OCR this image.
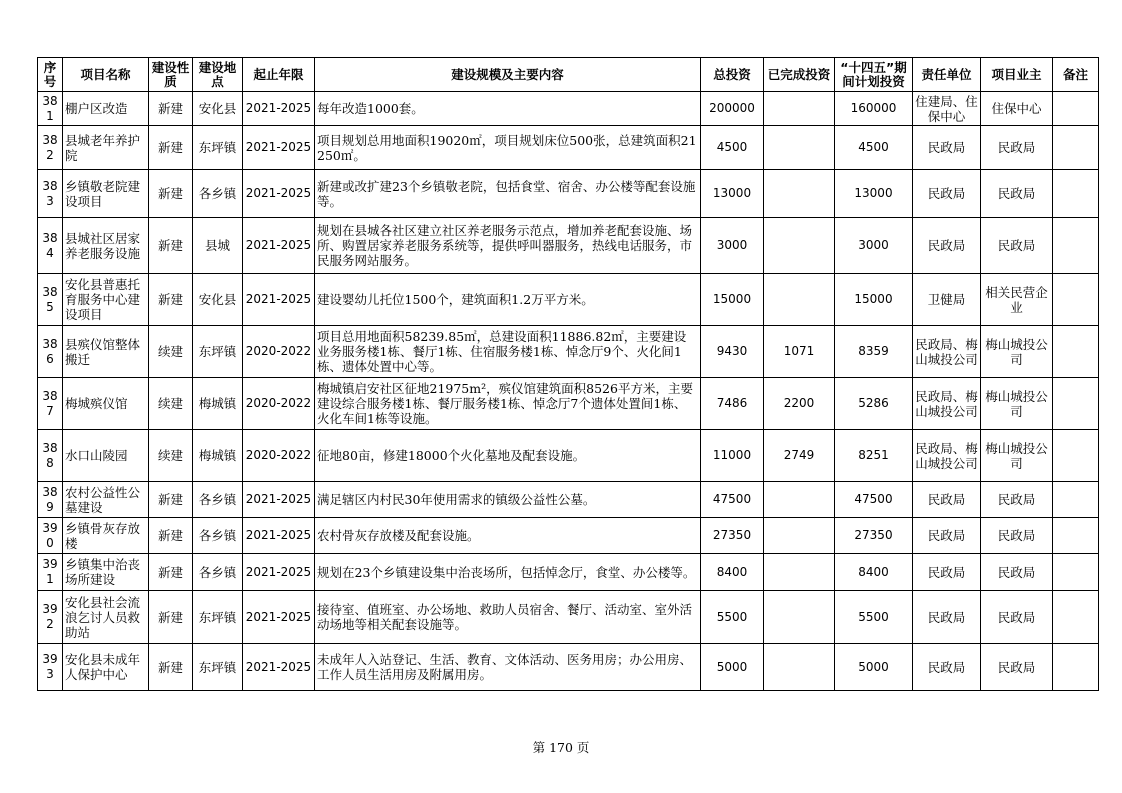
序号	项目名称	建设性质	建设地点	起止年限	建设规模及主要内容	总投资	已完成投资	“十四五”期间计划投资	责任单位	项目业主	备注
381	棚户区改造	新建	安化县	2021-2025	每年改造1000套。	200000		160000	住建局、住保中心	住保中心	
382	县城老年养护院	新建	东坪镇	2021-2025	项目规划总用地面积19020㎡，项目规划床位500张，总建筑面积21250㎡。	4500		4500	民政局	民政局	
383	乡镇敬老院建设项目	新建	各乡镇	2021-2025	新建或改扩建23个乡镇敬老院，包括食堂、宿舍、办公楼等配套设施等。	13000		13000	民政局	民政局	
384	县城社区居家养老服务设施	新建	县城	2021-2025	规划在县城各社区建立社区养老服务示范点，增加养老配套设施、场所、购置居家养老服务系统等，提供呼叫器服务，热线电话服务，市民服务网站服务。	3000		3000	民政局	民政局	
385	安化县普惠托育服务中心建设项目	新建	安化县	2021-2025	建设婴幼儿托位1500个，建筑面积1.2万平方米。	15000		15000	卫健局	相关民营企业	
386	县殡仪馆整体搬迁	续建	东坪镇	2020-2022	项目总用地面积58239.85㎡，总建设面积11886.82㎡，主要建设业务服务楼1栋、餐厅1栋、住宿服务楼1栋、悼念厅9个、火化间1栋、遗体处置中心等。	9430	1071	8359	民政局、梅山城投公司	梅山城投公司	
387	梅城殡仪馆	续建	梅城镇	2020-2022	梅城镇启安社区征地21975m²，殡仪馆建筑面积8526平方米，主要建设综合服务楼1栋、餐厅服务楼1栋、悼念厅7个遗体处置间1栋、火化车间1栋等设施。	7486	2200	5286	民政局、梅山城投公司	梅山城投公司	
388	水口山陵园	续建	梅城镇	2020-2022	征地80亩，修建18000个火化墓地及配套设施。	11000	2749	8251	民政局、梅山城投公司	梅山城投公司	
389	农村公益性公墓建设	新建	各乡镇	2021-2025	满足辖区内村民30年使用需求的镇级公益性公墓。	47500		47500	民政局	民政局	
390	乡镇骨灰存放楼	新建	各乡镇	2021-2025	农村骨灰存放楼及配套设施。	27350		27350	民政局	民政局	
391	乡镇集中治丧场所建设	新建	各乡镇	2021-2025	规划在23个乡镇建设集中治丧场所，包括悼念厅，食堂、办公楼等。	8400		8400	民政局	民政局	
392	安化县社会流浪乞讨人员救助站	新建	东坪镇	2021-2025	接待室、值班室、办公场地、救助人员宿舍、餐厅、活动室、室外活动场地等相关配套设施等。	5500		5500	民政局	民政局	
393	安化县未成年人保护中心	新建	东坪镇	2021-2025	未成年人入站登记、生活、教育、文体活动、医务用房；办公用房、工作人员生活用房及附属用房。	5000		5000	民政局	民政局	
第 170 页
